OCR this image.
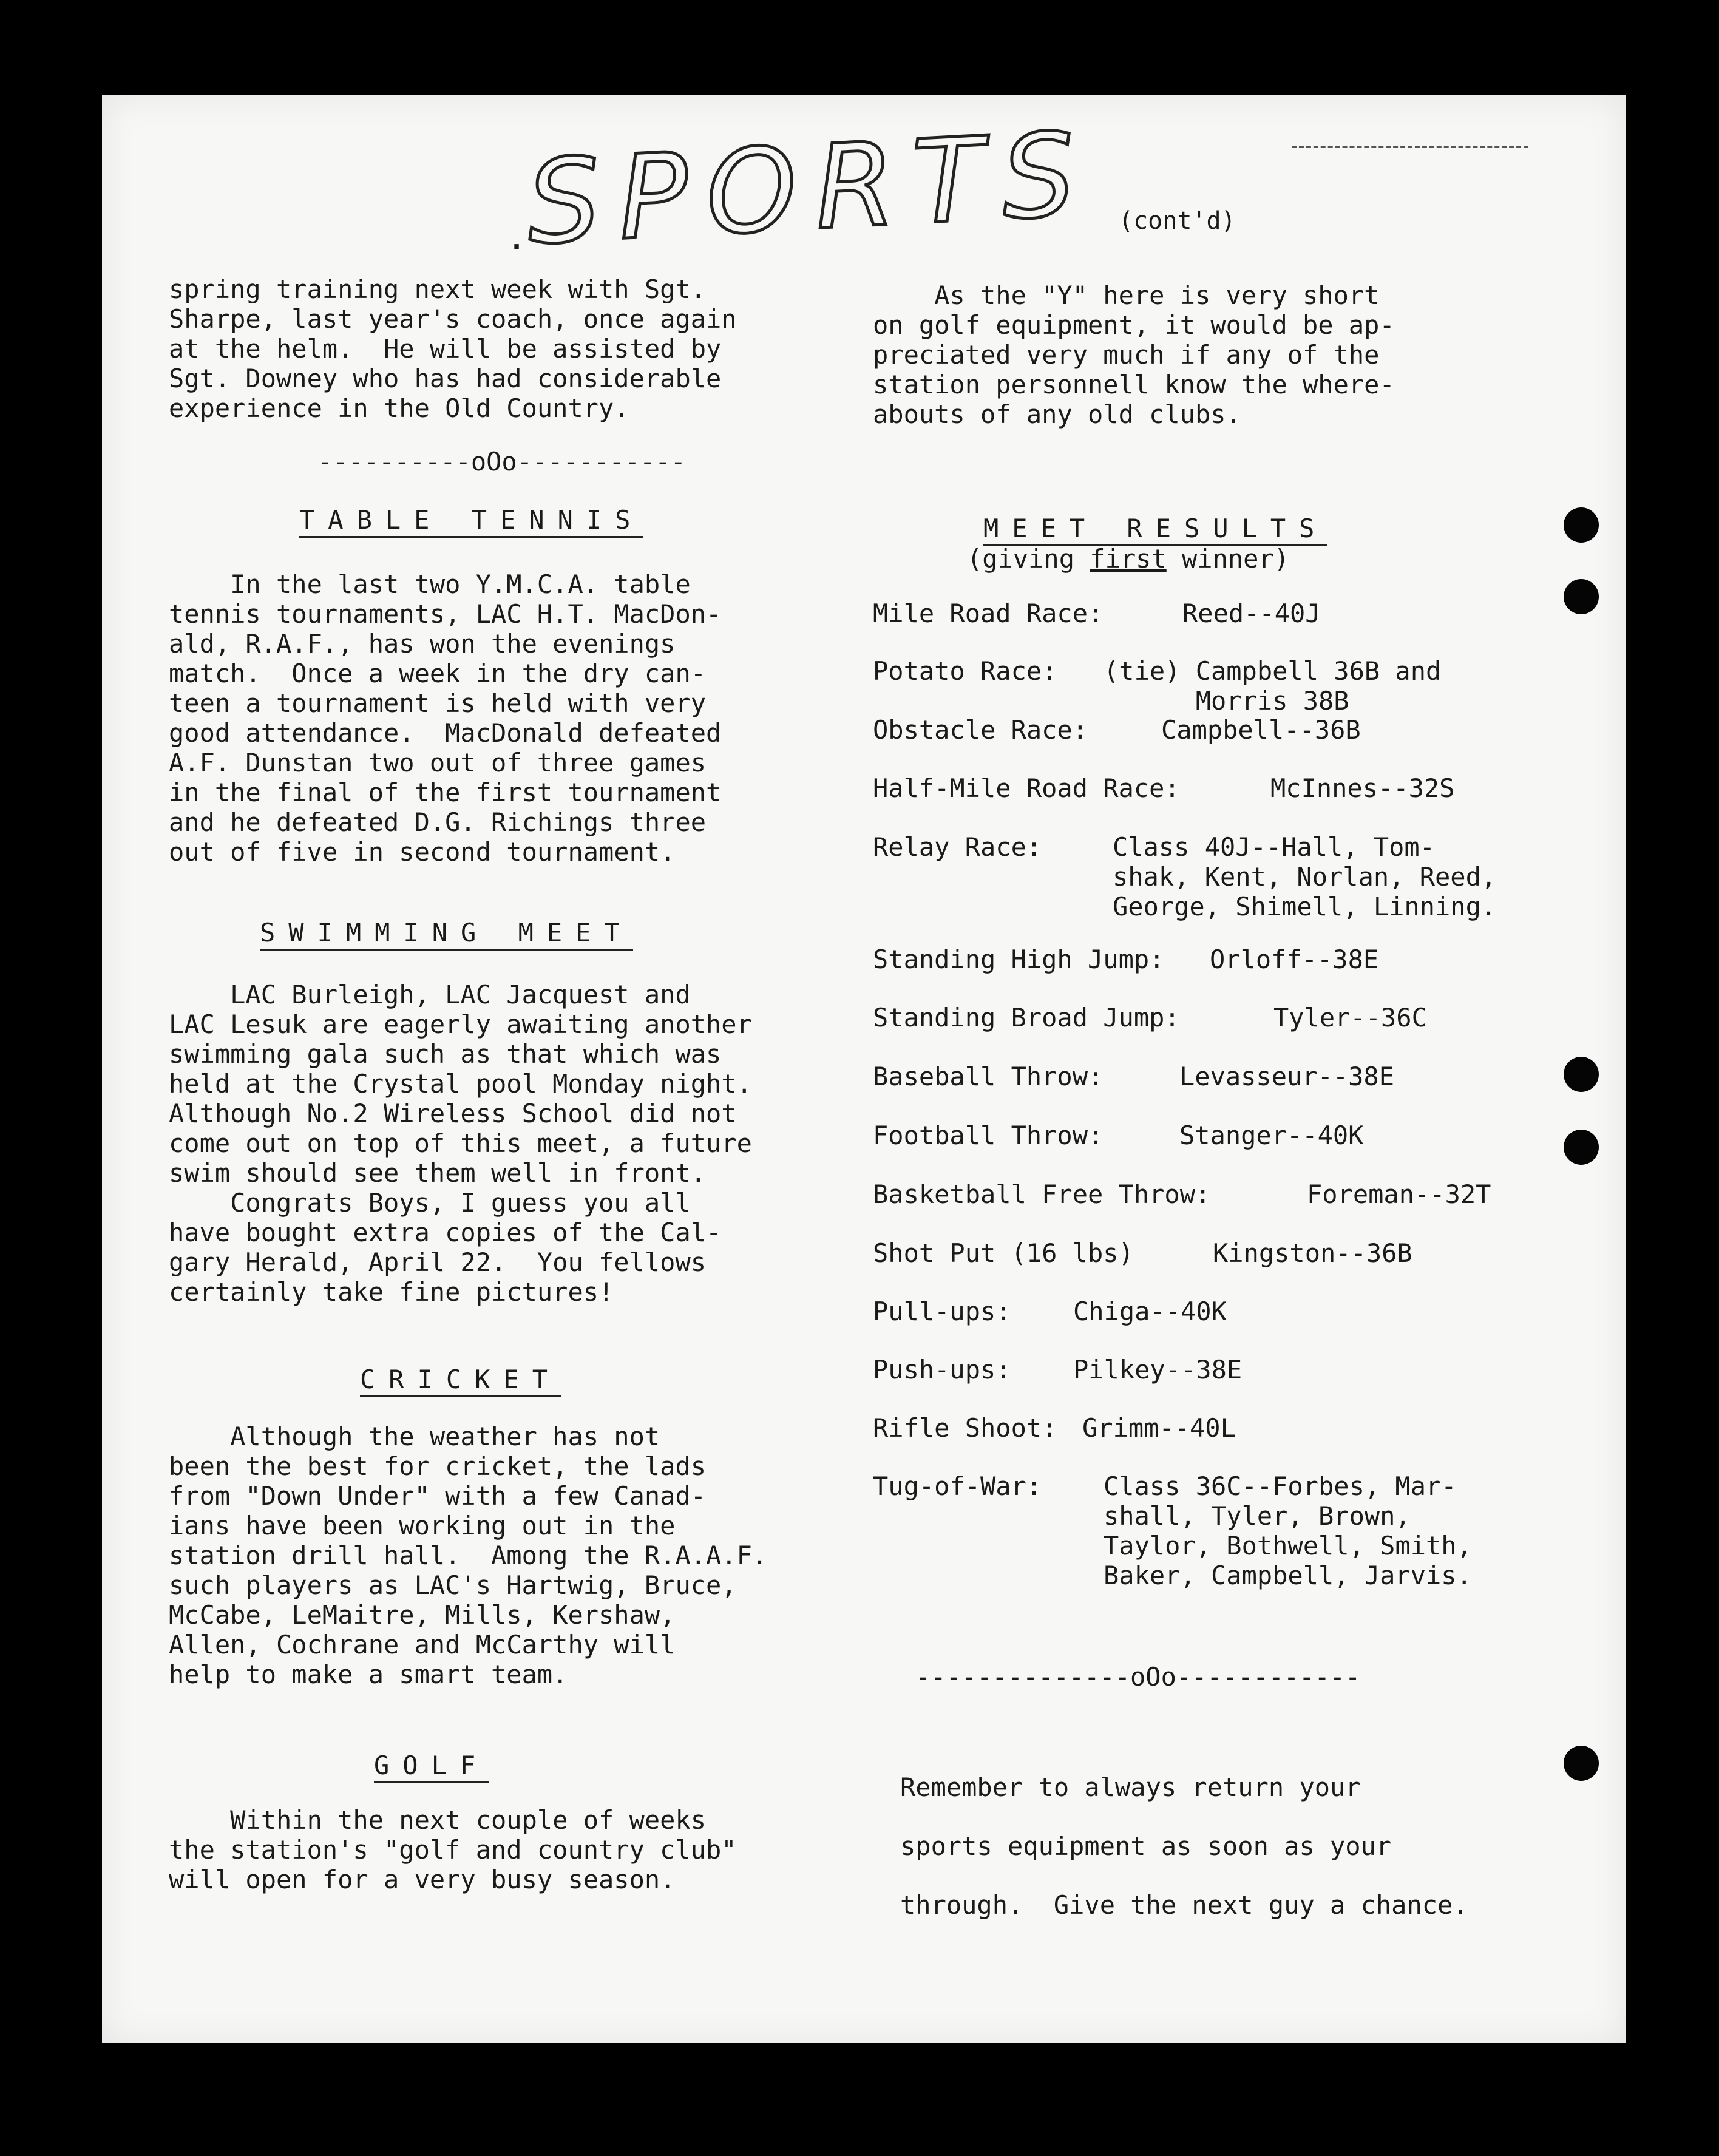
.
SPORTS (cont'd)

spring training next week with Sgt.

Sharpe, last year's coach, once again

at the helm.  He will be assisted by

Sgt. Downey who has had considerable

experience in the Old Country.

----------oOo-----------
TABLE TENNIS

In the last two Y.M.C.A. table

tennis tournaments, LAC H.T. MacDon-

ald, R.A.F., has won the evenings

match.  Once a week in the dry can-

teen a tournament is held with very

good attendance.  MacDonald defeated

A.F. Dunstan two out of three games

in the final of the first tournament

and he defeated D.G. Richings three

out of five in second tournament.

SWIMMING MEET

LAC Burleigh, LAC Jacquest and

LAC Lesuk are eagerly awaiting another

swimming gala such as that which was

held at the Crystal pool Monday night.

Although No.2 Wireless School did not

come out on top of this meet, a future

swim should see them well in front.

Congrats Boys, I guess you all

have bought extra copies of the Cal-

gary Herald, April 22.  You fellows

certainly take fine pictures!

CRICKET

Although the weather has not

been the best for cricket, the lads

from "Down Under" with a few Canad-

ians have been working out in the

station drill hall.  Among the R.A.A.F.

such players as LAC's Hartwig, Bruce,

McCabe, LeMaitre, Mills, Kershaw,

Allen, Cochrane and McCarthy will

help to make a smart team.

GOLF

Within the next couple of weeks

the station's "golf and country club"

will open for a very busy season.

As the "Y" here is very short

on golf equipment, it would be ap-

preciated very much if any of the

station personnell know the where-

abouts of any old clubs.

MEET RESULTS
(giving first winner)
Mile Road Race:	Reed--40J
Potato Race: (tie) Campbell 36B and
Morris 38B
Obstacle Race:	Campbell--36B
Half-Mile Road Race:	McInnes--32S
Relay Race:	Class 40J--Hall, Tom-
shak, Kent, Norlan, Reed,
George, Shimell, Linning.
Standing High Jump: Orloff--38E
Standing Broad Jump:	Tyler--36C
Baseball Throw:	Levasseur--38E
Football Throw:	Stanger--40K
Basketball Free Throw:	Foreman--32T
Shot Put (16 lbs)	Kingston--36B
Pull-ups: Chiga--40K
Push-ups: Pilkey--38E
Rifle Shoot: Grimm--40L
Tug-of-War: Class 36C--Forbes, Mar-
shall, Tyler, Brown,
Taylor, Bothwell, Smith,
Baker, Campbell, Jarvis.
--------------oOo------------

Remember to always return your

sports equipment as soon as your

through.  Give the next guy a chance.
